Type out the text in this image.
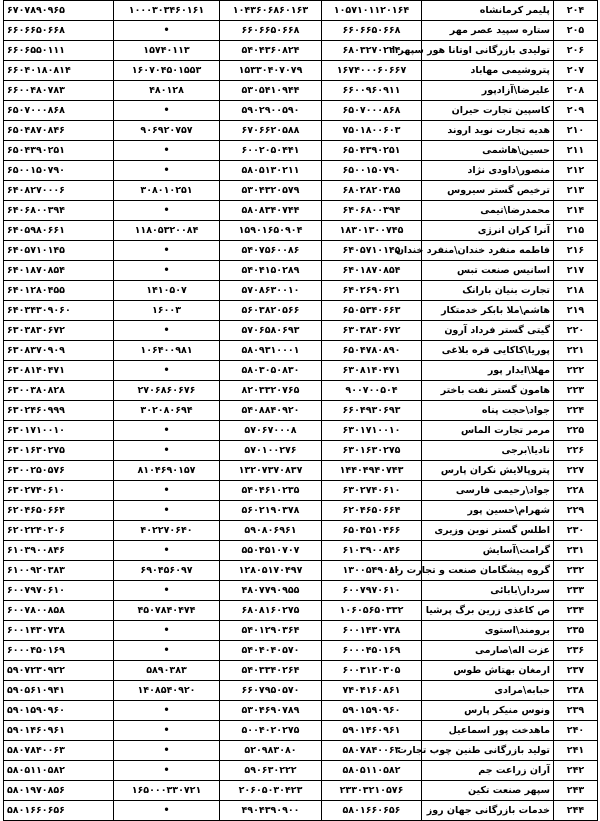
۲۰۴	پلیمر کرمانشاه	۱۰۵۷۱۰۱۱۲۰۱۶۴	۱۰۴۳۶۰۶۸۶۰۱۶۳	۱۰۰۰۳۰۳۴۶۰۱۶۱	۶۷۰۷۸۹۰۹۶۵
۲۰۵	ستاره سپید عصر مهر	۶۶۰۶۶۵۰۶۶۸	۶۶۰۶۶۵۰۶۶۸	•	۶۶۰۶۶۵۰۶۶۸
۲۰۶	تولیدی بازرگانی اوتانا هور سپهر ا	۶۸۰۳۲۷۰۲۲۴	۵۴۰۴۳۶۰۸۲۴	۱۵۷۴۰۱۱۳	۶۶۰۶۵۵۰۱۱۱
۲۰۷	پتروشیمی مهاباد	۱۶۷۴۰۰۰۶۰۶۶۷	۱۵۳۳۰۴۰۷۰۷۹	۱۶۰۷۰۴۵۰۱۵۵۳	۶۶۰۴۰۱۸۰۸۱۴
۲۰۸	علیرضا\آزادپور	۶۶۰۰۹۶۰۹۱۱	۵۳۰۵۴۱۰۹۴۴	۴۸۰۱۲۸	۶۶۰۰۴۸۰۷۸۳
۲۰۹	کاسپین تجارت حیران	۶۵۰۷۰۰۰۸۶۸	۵۹۰۲۹۰۰۵۹۰	•	۶۵۰۷۰۰۰۸۶۸
۲۱۰	هدیه تجارت نوید اروند	۷۵۰۱۸۰۰۶۰۳	۶۷۰۶۶۲۰۵۸۸	۹۰۶۹۲۰۷۵۷	۶۵۰۴۸۷۰۸۴۶
۲۱۱	حسین\هاشمی	۶۵۰۴۳۹۰۲۵۱	۶۰۰۲۰۵۰۴۴۱	•	۶۵۰۴۳۹۰۲۵۱
۲۱۲	منصور\داودی نژاد	۶۵۰۰۱۵۰۷۹۰	۵۸۰۵۱۳۰۲۱۱	•	۶۵۰۰۱۵۰۷۹۰
۲۱۳	ترخیص گستر سیروس	۶۸۰۲۸۲۰۳۸۵	۵۳۰۴۳۲۰۵۷۹	۳۰۸۰۱۰۲۵۱	۶۴۰۸۲۷۰۰۰۶
۲۱۴	محمدرضا\تیمی	۶۴۰۶۸۰۰۳۹۴	۵۸۰۸۳۴۰۷۴۴	•	۶۴۰۶۸۰۰۳۹۴
۲۱۵	آنرا کران انرژی	۱۸۳۰۱۳۰۰۷۴۵	۱۵۹۰۱۶۵۰۹۰۴	۱۱۸۰۵۳۲۰۰۸۴	۶۴۰۵۹۸۰۶۶۱
۲۱۶	فاطمه منفرد خندان\منفرد خندان	۶۴۰۵۷۱۰۱۴۵	۵۴۰۷۵۶۰۰۸۶	•	۶۴۰۵۷۱۰۱۴۵
۲۱۷	اسانیس صنعت تبس	۶۴۰۱۸۷۰۸۵۴	۵۴۰۴۱۵۰۲۸۹	•	۶۴۰۱۸۷۰۸۵۴
۲۱۸	تجارت بنیان بارانک	۶۴۰۲۶۹۰۶۲۱	۵۷۰۸۶۳۰۰۱۰	۱۴۱۰۵۰۷	۶۴۰۱۲۸۰۴۵۵
۲۱۹	هاشم\ملا بابکر خدمتکار	۶۵۰۵۳۴۰۶۶۳	۵۶۰۳۸۲۰۵۶۶	۱۶۰۰۳	۶۴۰۳۴۳۰۹۰۶۰
۲۲۰	گیتی گستر فرداد آرون	۶۳۰۳۸۳۰۶۷۲	۵۷۰۶۵۸۰۶۹۳	•	۶۳۰۳۸۳۰۶۷۲
۲۲۱	پوریا\کاکایی قره بلاغی	۶۵۰۴۷۸۰۸۹۰	۵۸۰۹۳۱۰۰۰۱	۱۰۶۴۰۰۹۸۱	۶۳۰۸۳۷۰۹۰۹
۲۲۲	مهلا\ایدار پور	۶۳۰۸۱۴۰۴۷۱	۵۸۰۳۰۵۰۸۳۰	•	۶۳۰۸۱۴۰۴۷۱
۲۲۳	هامون گستر نفت باختر	۹۰۰۷۰۰۵۰۴	۸۲۰۳۳۲۰۷۶۵	۲۷۰۶۸۶۰۶۷۶	۶۳۰۰۳۸۰۸۲۸
۲۲۴	جواد\حجت پناه	۶۶۰۴۹۳۰۶۹۳	۵۴۰۸۸۴۰۹۲۰	۳۰۲۰۸۰۶۹۴	۶۳۰۲۴۶۰۹۹۹
۲۲۵	مرمر تجارت الماس	۶۳۰۱۷۱۰۰۱۰	۵۷۰۶۷۰۰۰۸	•	۶۳۰۱۷۱۰۰۱۰
۲۲۶	نادیا\برجی	۶۳۰۱۶۳۰۲۷۵	۵۷۰۱۰۰۲۷۶	•	۶۳۰۱۶۳۰۲۷۵
۲۲۷	پتروپالایش نکران پارس	۱۴۴۰۴۹۴۰۷۴۳	۱۳۲۰۷۳۷۰۸۳۷	۸۱۰۴۶۹۰۱۵۷	۶۳۰۰۲۵۰۵۷۶
۲۲۸	جواد\رحیمی فارسی	۶۳۰۲۷۴۰۶۱۰	۵۴۰۴۶۱۰۲۳۵	•	۶۳۰۲۷۴۰۶۱۰
۲۲۹	شهرام\حسین پور	۶۲۰۴۶۵۰۶۶۴	۵۶۰۲۱۹۰۳۷۸	•	۶۲۰۴۶۵۰۶۶۴
۲۳۰	اطلس گستر نوین وزیری	۶۵۰۴۵۱۰۴۶۶	۵۹۰۸۰۶۹۶۱	۴۰۲۲۷۰۶۴۰	۶۲۰۲۲۴۰۲۰۶
۲۳۱	گرامت\آسایش	۶۱۰۳۹۰۰۸۴۶	۵۵۰۴۵۱۰۷۰۷	•	۶۱۰۳۹۰۰۸۴۶
۲۳۲	گروه پیشگامان صنعت و تجارت راد	۱۳۰۰۵۴۹۰۸۰	۱۲۸۰۵۱۷۰۴۹۷	۶۹۰۴۵۶۰۹۷	۶۱۰۰۹۲۰۳۸۳
۲۳۳	سردار\بابائی	۶۰۰۷۹۷۰۶۱۰	۴۸۰۷۷۹۰۹۵۵	•	۶۰۰۷۹۷۰۶۱۰
۲۳۴	ص کاغذی زرین برگ پرشیا	۱۰۶۰۵۶۵۰۳۳۲	۶۸۰۸۱۶۰۲۷۵	۴۵۰۷۸۴۰۴۷۴	۶۰۰۷۸۰۰۸۵۸
۲۳۵	برومند\استوی	۶۰۰۱۴۳۰۷۳۸	۵۴۰۱۲۹۰۳۶۴	•	۶۰۰۱۴۳۰۷۳۸
۲۳۶	عزت اله\صارمی	۶۰۰۰۴۵۰۱۶۹	۵۴۰۴۰۴۰۵۷۰	•	۶۰۰۰۴۵۰۱۶۹
۲۳۷	ارمغان بهتاش طوس	۶۰۰۳۱۲۰۳۰۵	۵۴۰۳۳۴۰۲۶۴	۵۸۹۰۳۸۳	۵۹۰۷۲۳۰۹۲۲
۲۳۸	حبابه\مرادی	۷۴۰۴۱۶۰۸۶۱	۶۶۰۷۹۵۰۵۷۰	۱۴۰۸۵۴۰۹۲۰	۵۹۰۵۶۱۰۹۴۱
۲۳۹	ونوس منیکر پارس	۵۹۰۱۵۹۰۹۶۰	۵۳۰۴۶۹۰۷۸۹	•	۵۹۰۱۵۹۰۹۶۰
۲۴۰	ماهدخت پور اسماعیل	۵۹۰۱۴۶۰۹۶۱	۵۰۰۴۰۲۰۲۷۵	•	۵۹۰۱۴۶۰۹۶۱
۲۴۱	تولید بازرگانی طنین چوب تجارت	۵۸۰۷۸۴۰۰۶۳	۵۲۰۹۸۳۰۸۰	•	۵۸۰۷۸۴۰۰۶۳
۲۴۲	آران زراعت جم	۵۸۰۵۱۱۰۵۸۲	۵۹۰۶۳۰۲۲۲	•	۵۸۰۵۱۱۰۵۸۲
۲۴۳	سپهر صنعت تکین	۲۳۳۰۳۲۱۰۵۷۶	۲۰۶۰۵۰۳۰۴۲۳	۱۶۵۰۰۰۳۳۰۷۲۱	۵۸۰۱۹۷۰۸۵۶
۲۴۴	خدمات بازرگانی جهان روز	۵۸۰۱۶۶۰۶۵۶	۴۹۰۴۳۹۰۹۰۰	•	۵۸۰۱۶۶۰۶۵۶
